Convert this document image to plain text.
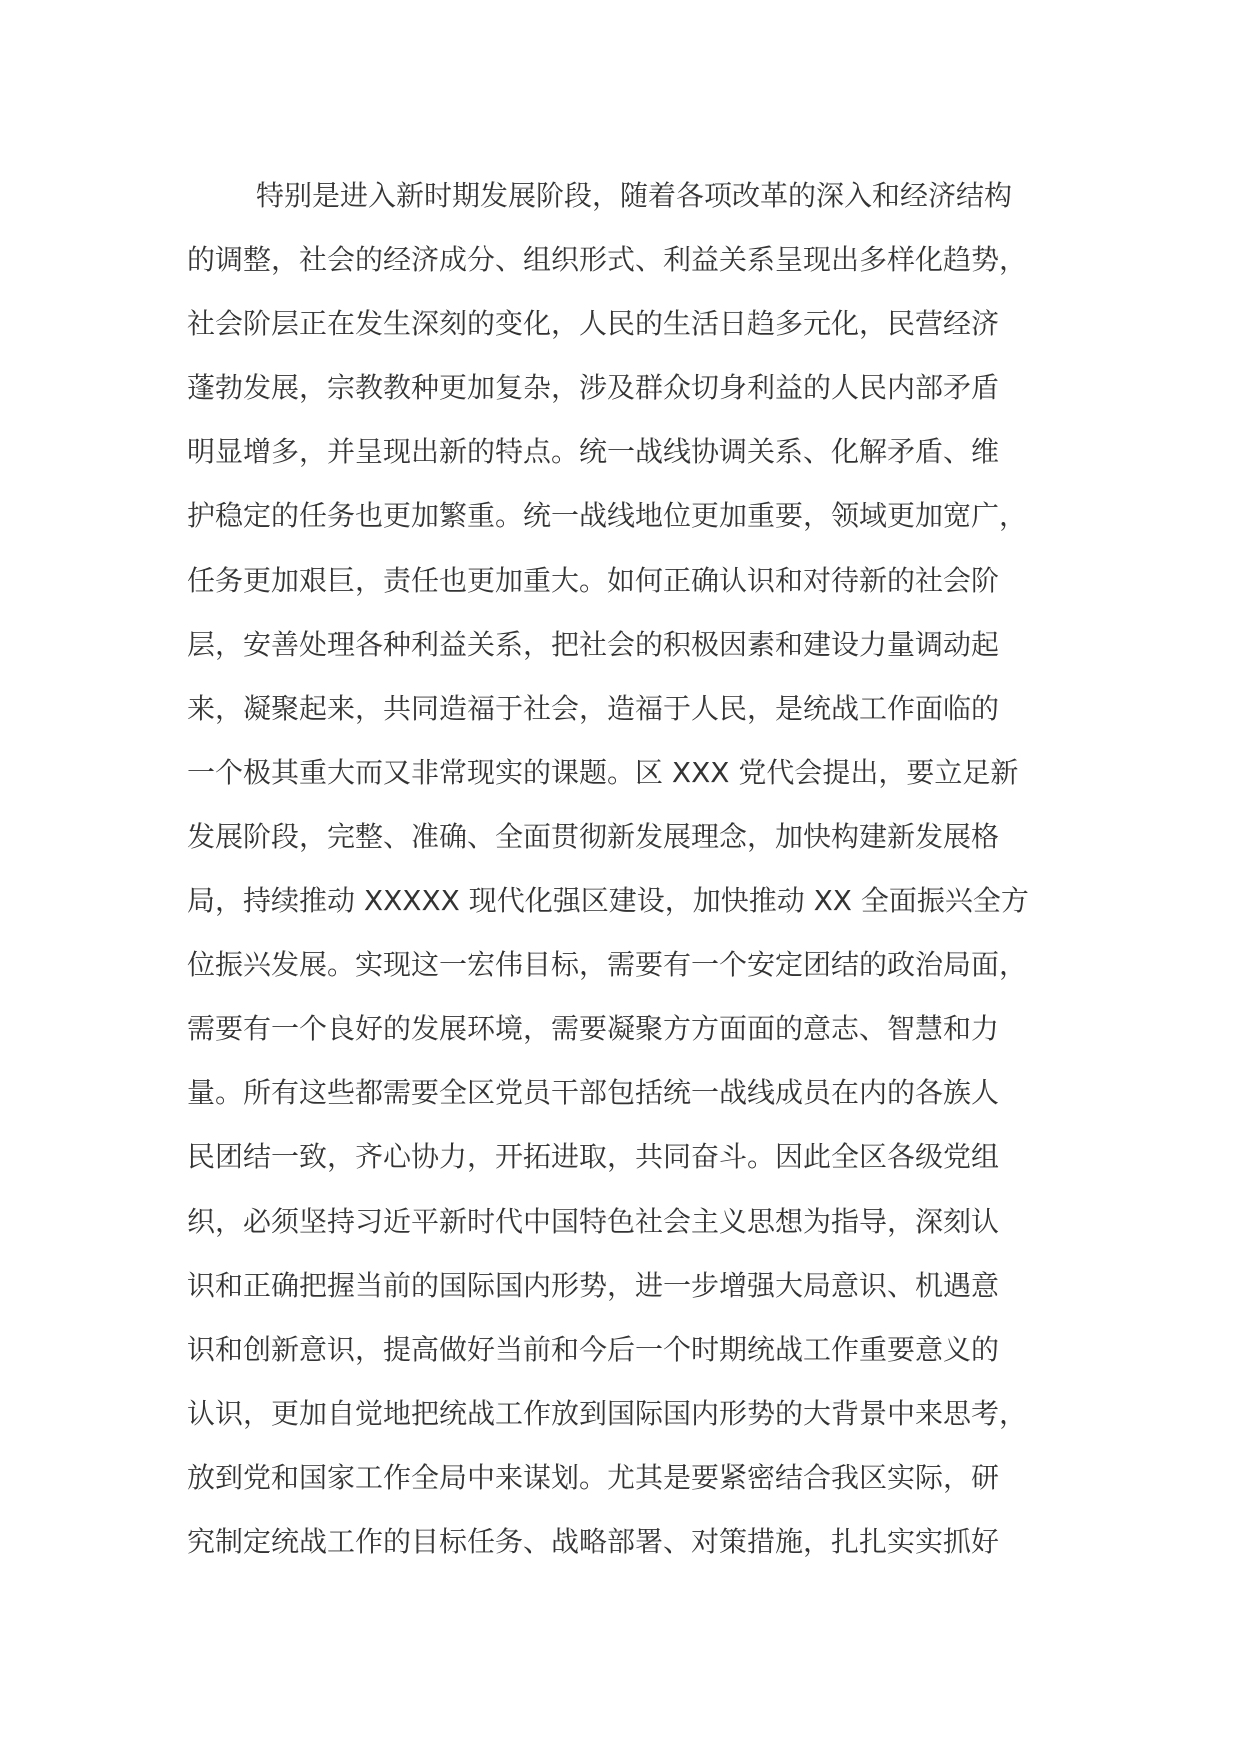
特别是进入新时期发展阶段，随着各项改革的深入和经济结构
的调整，社会的经济成分、组织形式、利益关系呈现出多样化趋势，
社会阶层正在发生深刻的变化，人民的生活日趋多元化，民营经济
蓬勃发展，宗教教种更加复杂，涉及群众切身利益的人民内部矛盾
明显增多，并呈现出新的特点。统一战线协调关系、化解矛盾、维
护稳定的任务也更加繁重。统一战线地位更加重要，领域更加宽广，
任务更加艰巨，责任也更加重大。如何正确认识和对待新的社会阶
层，安善处理各种利益关系，把社会的积极因素和建设力量调动起
来，凝聚起来，共同造福于社会，造福于人民，是统战工作面临的
一个极其重大而又非常现实的课题。区 XXX 党代会提出，要立足新
发展阶段，完整、准确、全面贯彻新发展理念，加快构建新发展格
局，持续推动 XXXXX 现代化强区建设，加快推动 XX 全面振兴全方
位振兴发展。实现这一宏伟目标，需要有一个安定团结的政治局面，
需要有一个良好的发展环境，需要凝聚方方面面的意志、智慧和力
量。所有这些都需要全区党员干部包括统一战线成员在内的各族人
民团结一致，齐心协力，开拓进取，共同奋斗。因此全区各级党组
织，必须坚持习近平新时代中国特色社会主义思想为指导，深刻认
识和正确把握当前的国际国内形势，进一步增强大局意识、机遇意
识和创新意识，提高做好当前和今后一个时期统战工作重要意义的
认识，更加自觉地把统战工作放到国际国内形势的大背景中来思考，
放到党和国家工作全局中来谋划。尤其是要紧密结合我区实际，研
究制定统战工作的目标任务、战略部署、对策措施，扎扎实实抓好
